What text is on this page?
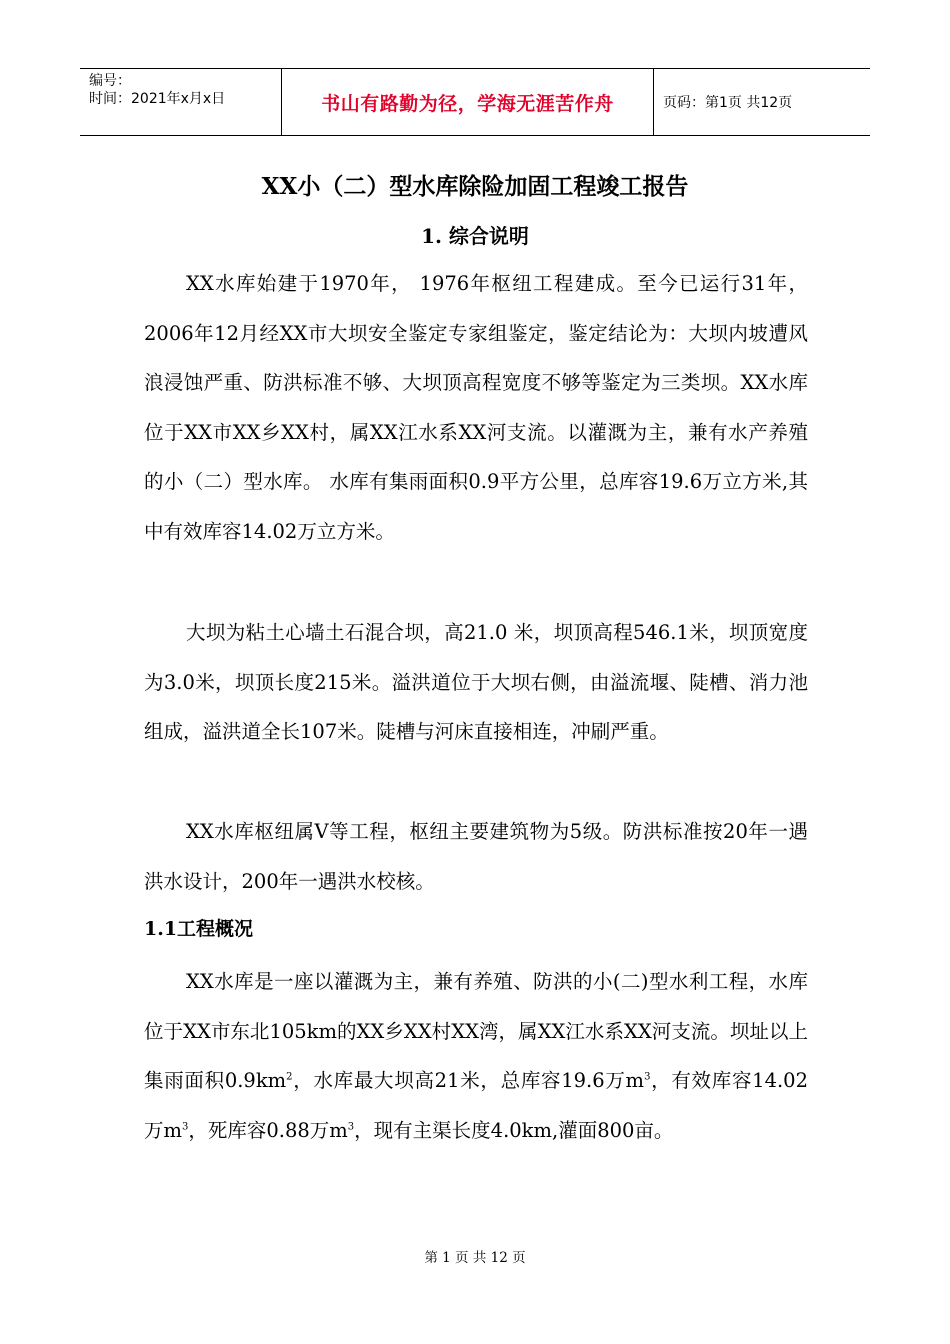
编号：
时间：2021年x月x日	书山有路勤为径，学海无涯苦作舟	页码：第1页 共12页
XX小（二）型水库除险加固工程竣工报告
1. 综合说明

XX水库始建于1970年， 1976年枢纽工程建成。至今已运行31年，2006年12月经XX市大坝安全鉴定专家组鉴定，鉴定结论为：大坝内坡遭风浪浸蚀严重、防洪标准不够、大坝顶高程宽度不够等鉴定为三类坝。XX水库位于XX市XX乡XX村，属XX江水系XX河支流。以灌溉为主，兼有水产养殖的小（二）型水库。 水库有集雨面积0.9平方公里，总库容19.6万立方米,其中有效库容14.02万立方米。

大坝为粘土心墙土石混合坝，高21.0 米，坝顶高程546.1米，坝顶宽度为3.0米，坝顶长度215米。溢洪道位于大坝右侧，由溢流堰、陡槽、消力池组成，溢洪道全长107米。陡槽与河床直接相连，冲刷严重。

XX水库枢纽属Ⅴ等工程，枢纽主要建筑物为5级。防洪标准按20年一遇洪水设计，200年一遇洪水校核。

1.1工程概况

XX水库是一座以灌溉为主，兼有养殖、防洪的小(二)型水利工程，水库位于XX市东北105km的XX乡XX村XX湾，属XX江水系XX河支流。坝址以上集雨面积$0.9km^2$，水库最大坝高21米，总库容19.6万$m^3$，有效库容14.02万$m^3$，死库容0.88万$m^3$，现有主渠长度4.0km,灌面800亩。

第 1 页 共 12 页
